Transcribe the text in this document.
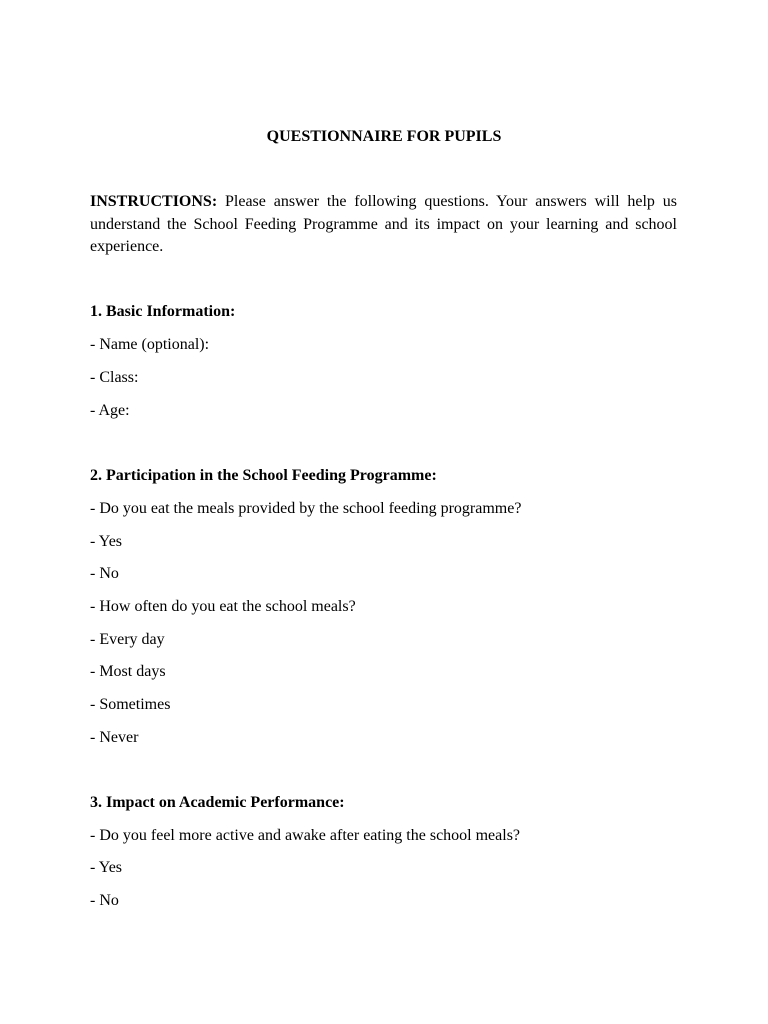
QUESTIONNAIRE FOR PUPILS
INSTRUCTIONS: Please answer the following questions. Your answers will help us understand the School Feeding Programme and its impact on your learning and school experience.
1. Basic Information:
- Name (optional):
- Class:
- Age:
2. Participation in the School Feeding Programme:
- Do you eat the meals provided by the school feeding programme?
- Yes
- No
- How often do you eat the school meals?
- Every day
- Most days
- Sometimes
- Never
3. Impact on Academic Performance:
- Do you feel more active and awake after eating the school meals?
- Yes
- No
